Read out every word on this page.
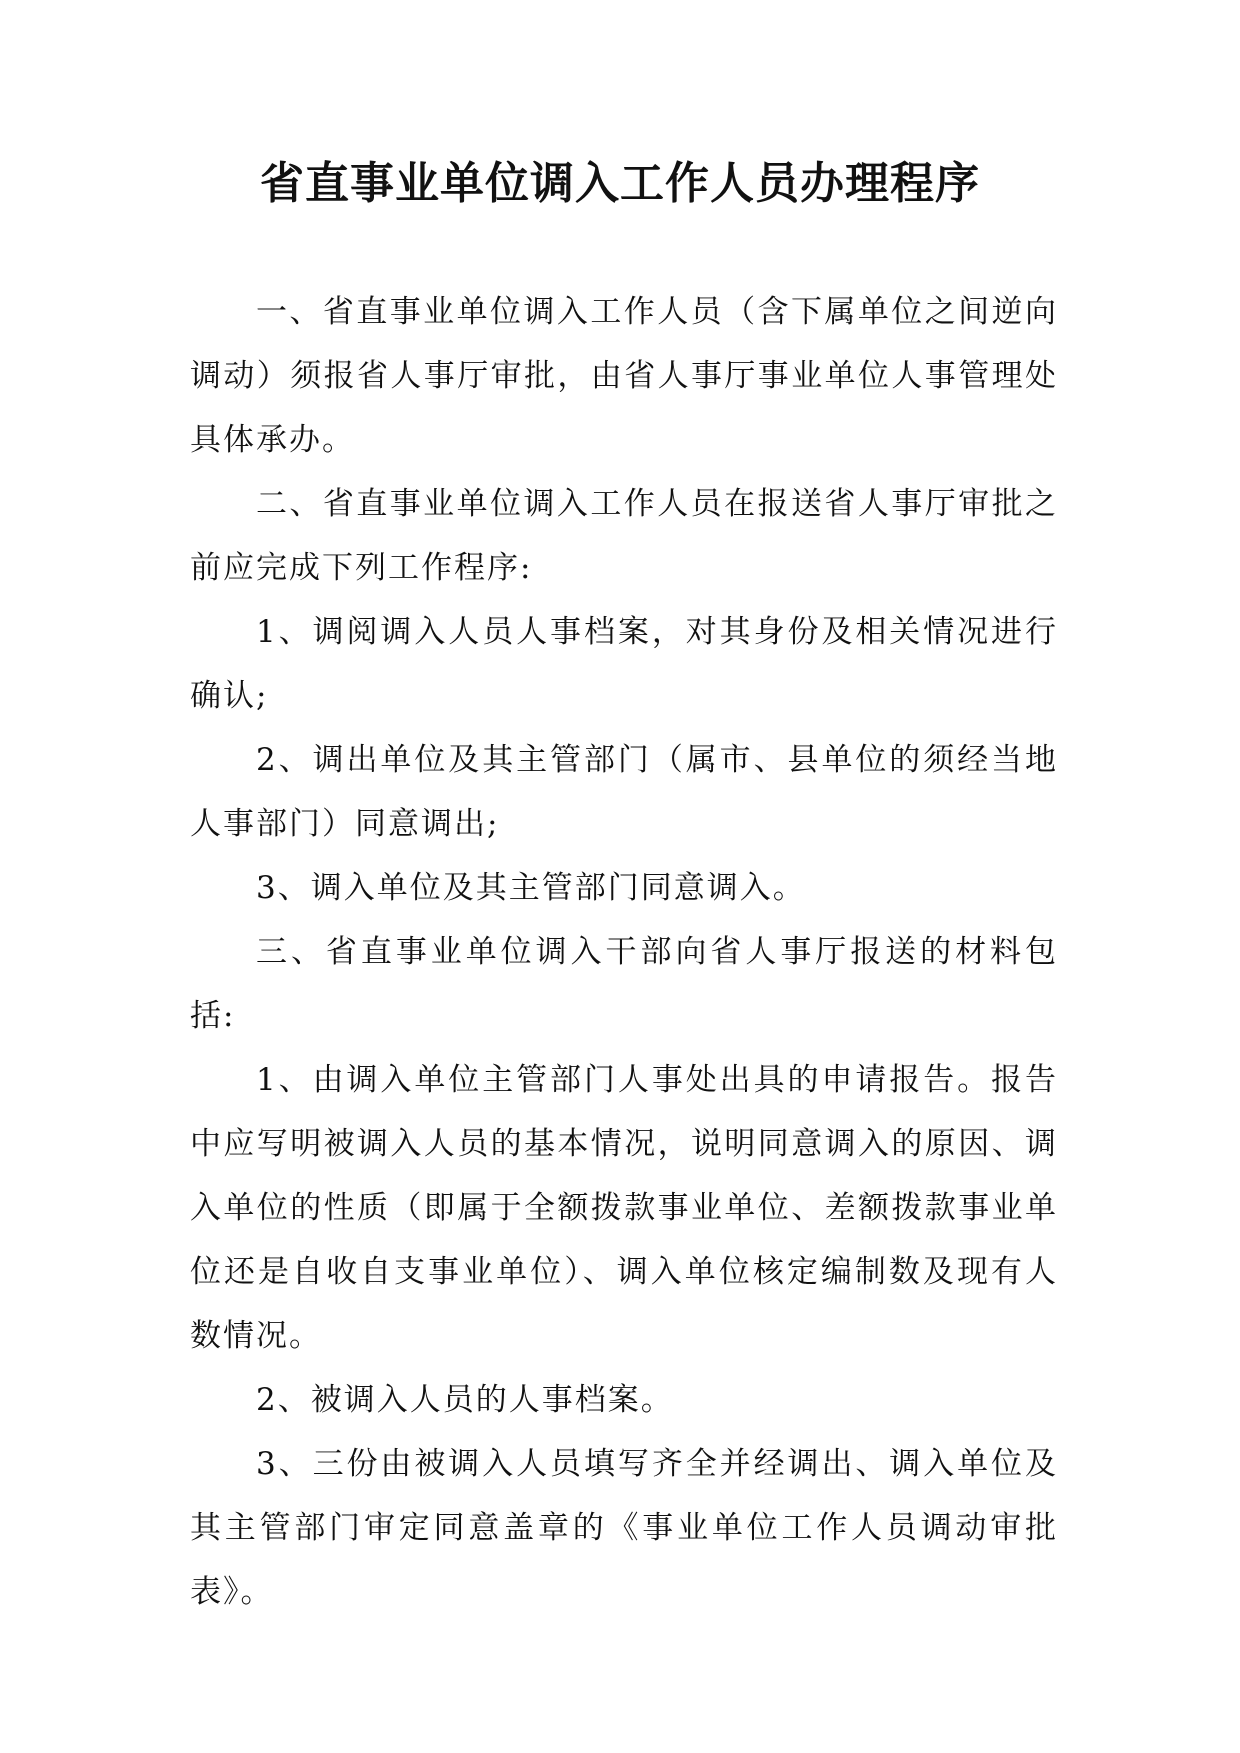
省直事业单位调入工作人员办理程序

一、省直事业单位调入工作人员（含下属单位之间逆向调动）须报省人事厅审批，由省人事厅事业单位人事管理处具体承办。

二、省直事业单位调入工作人员在报送省人事厅审批之前应完成下列工作程序:

1、调阅调入人员人事档案，对其身份及相关情况进行确认;

2、调出单位及其主管部门（属市、县单位的须经当地人事部门）同意调出;

3、调入单位及其主管部门同意调入。

三、省直事业单位调入干部向省人事厅报送的材料包括:

1、由调入单位主管部门人事处出具的申请报告。报告中应写明被调入人员的基本情况，说明同意调入的原因、调入单位的性质（即属于全额拨款事业单位、差额拨款事业单位还是自收自支事业单位）、调入单位核定编制数及现有人数情况。

2、被调入人员的人事档案。

3、三份由被调入人员填写齐全并经调出、调入单位及其主管部门审定同意盖章的《事业单位工作人员调动审批表》。
